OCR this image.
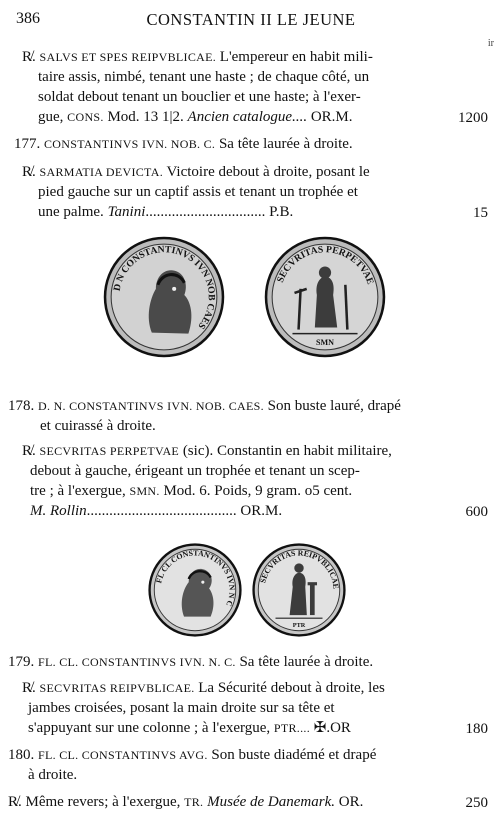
386	CONSTANTIN II LE JEUNE
ir
R̸. SALVS ET SPES REIPVBLICAE. L'empereur en habit mili-
taire assis, nimbé, tenant une haste ; de chaque côté, un
soldat debout tenant un bouclier et une haste; à l'exer-
gue, CONS. Mod. 13 1|2. Ancien catalogue.... OR.M.	1200
177. CONSTANTINVS IVN. NOB. C. Sa tête laurée à droite.
R̸. SARMATIA DEVICTA. Victoire debout à droite, posant le
pied gauche sur un captif assis et tenant un trophée et
une palme. Tanini................................ P.B.	15
D N CONSTANTINVS IVN NOB CAES
SECVRITAS PERPETVAE
SMN
178. D. N. CONSTANTINVS IVN. NOB. CAES. Son buste lauré, drapé
et cuirassé à droite.
R̸. SECVRITAS PERPETVAE (sic). Constantin en habit militaire,
debout à gauche, érigeant un trophée et tenant un scep-
tre ; à l'exergue, SMN. Mod. 6. Poids, 9 gram. o5 cent.
M. Rollin........................................ OR.M.	600
FL CL CONSTANTINVS IVN N C
SECVRITAS REIPVBLICAE
PTR
179. FL. CL. CONSTANTINVS IVN. N. C. Sa tête laurée à droite.
R̸. SECVRITAS REIPVBLICAE. La Sécurité debout à droite, les
jambes croisées, posant la main droite sur sa tête et
s'appuyant sur une colonne ; à l'exergue, PTR.... ✠.OR	180
180. FL. CL. CONSTANTINVS AVG. Son buste diadémé et drapé
à droite.
R̸. Même revers; à l'exergue, TR. Musée de Danemark. OR.	250
